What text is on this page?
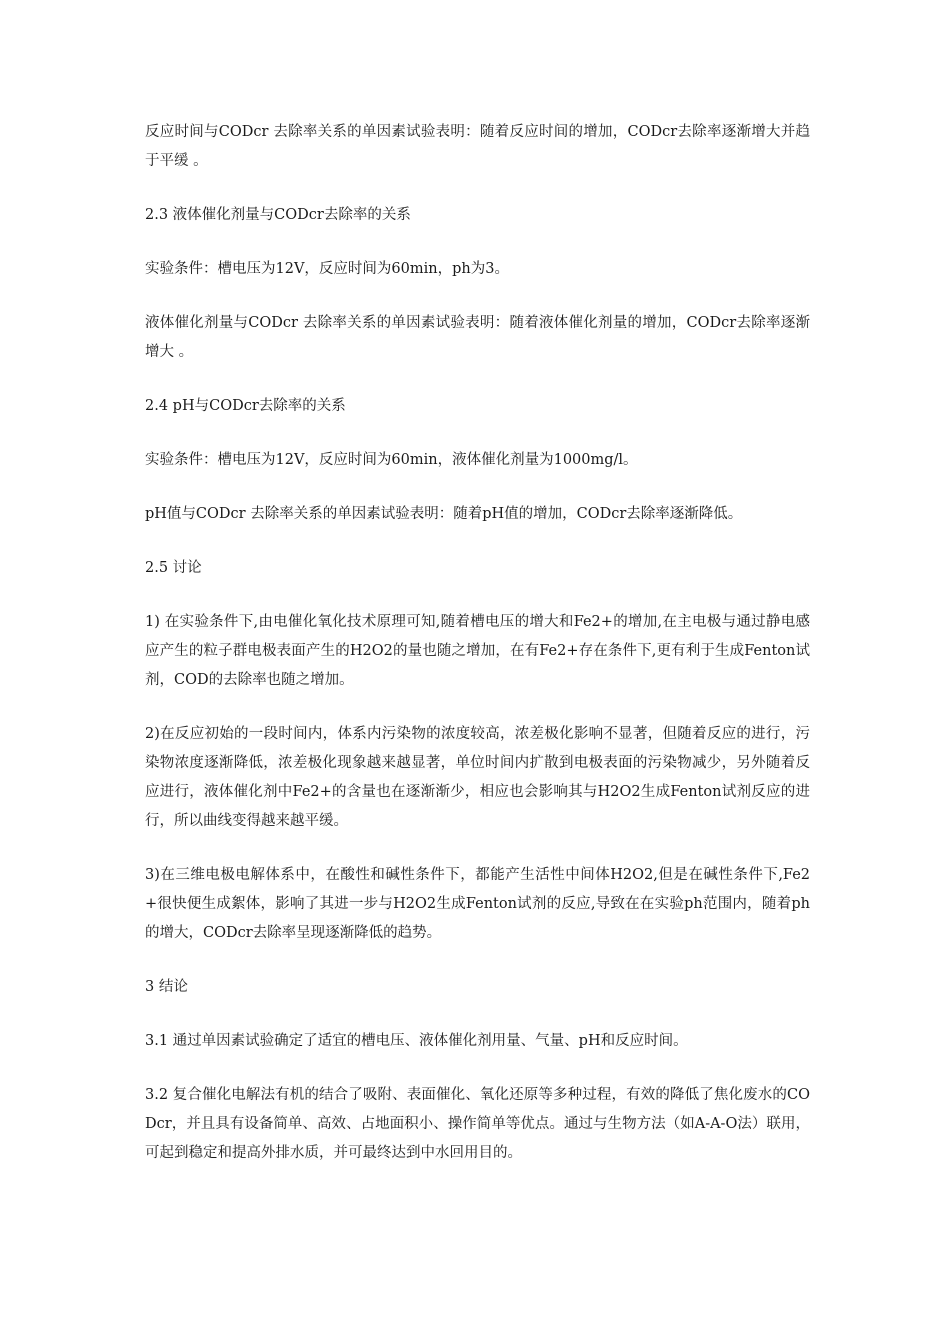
反应时间与CODcr 去除率关系的单因素试验表明：随着反应时间的增加，CODcr去除率逐渐增大并趋于平缓 。

2.3 液体催化剂量与CODcr去除率的关系

实验条件：槽电压为12V，反应时间为60min，ph为3。

液体催化剂量与CODcr 去除率关系的单因素试验表明：随着液体催化剂量的增加，CODcr去除率逐渐增大 。

2.4 pH与CODcr去除率的关系

实验条件：槽电压为12V，反应时间为60min，液体催化剂量为1000mg/l。

pH值与CODcr 去除率关系的单因素试验表明：随着pH值的增加，CODcr去除率逐渐降低。

2.5 讨论

1) 在实验条件下,由电催化氧化技术原理可知,随着槽电压的增大和Fe2+的增加,在主电极与通过静电感应产生的粒子群电极表面产生的H2O2的量也随之增加，在有Fe2+存在条件下,更有利于生成Fenton试剂，COD的去除率也随之增加。

2)在反应初始的一段时间内，体系内污染物的浓度较高，浓差极化影响不显著，但随着反应的进行，污染物浓度逐渐降低，浓差极化现象越来越显著，单位时间内扩散到电极表面的污染物减少，另外随着反应进行，液体催化剂中Fe2+的含量也在逐渐渐少，相应也会影响其与H2O2生成Fenton试剂反应的进行，所以曲线变得越来越平缓。

3)在三维电极电解体系中，在酸性和碱性条件下，都能产生活性中间体H2O2,但是在碱性条件下,Fe2+很快便生成絮体，影响了其进一步与H2O2生成Fenton试剂的反应,导致在在实验ph范围内，随着ph的增大，CODcr去除率呈现逐渐降低的趋势。

3 结论

3.1 通过单因素试验确定了适宜的槽电压、液体催化剂用量、气量、pH和反应时间。

3.2 复合催化电解法有机的结合了吸附、表面催化、氧化还原等多种过程，有效的降低了焦化废水的CODcr，并且具有设备简单、高效、占地面积小、操作简单等优点。通过与生物方法（如A-A-O法）联用，可起到稳定和提高外排水质，并可最终达到中水回用目的。
